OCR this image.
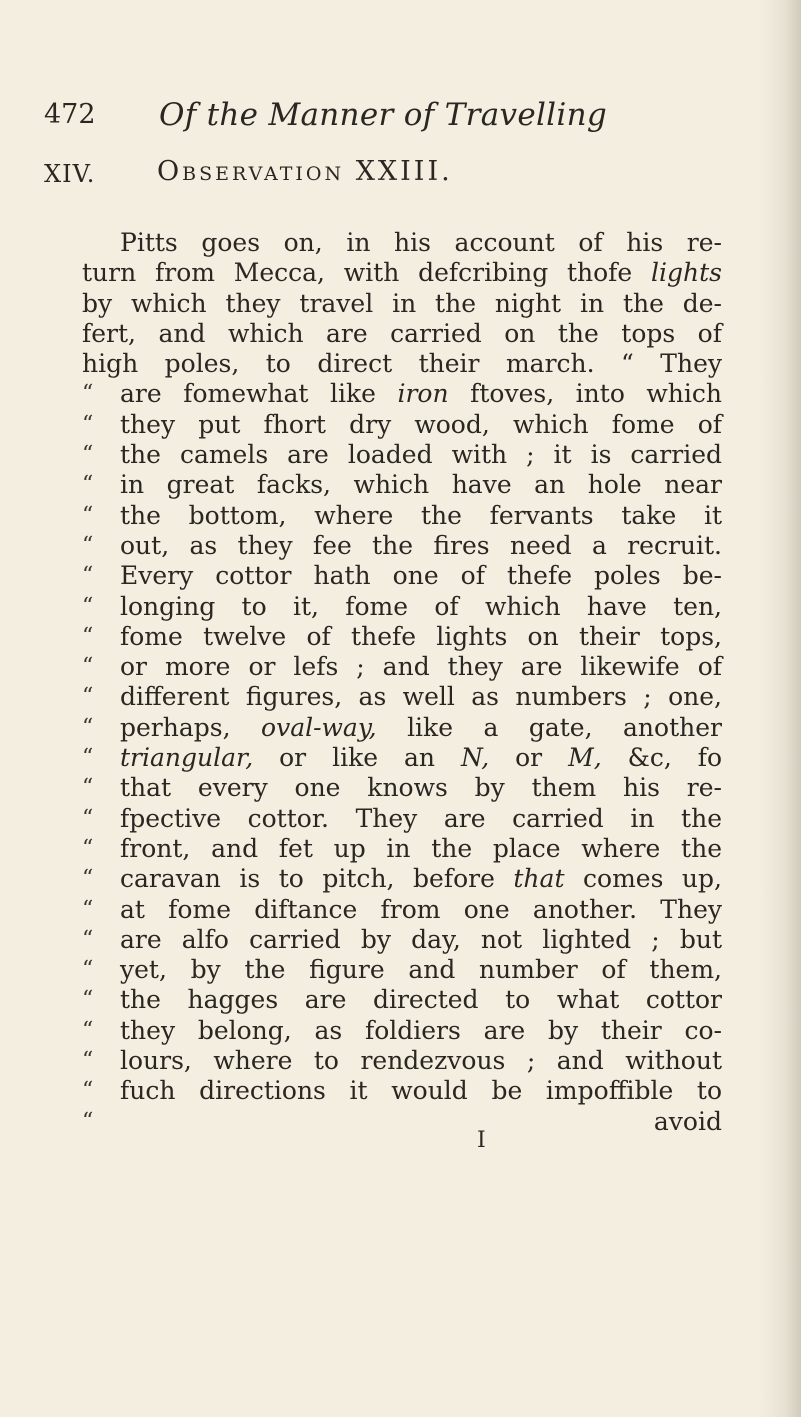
472 Of the Manner of Travelling
XIV. Observation XXIII.
Pitts goes on, in his account of his re-
turn from Mecca, with defcribing thofe lights
by which they travel in the night in the de-
fert, and which are carried on the tops of
high poles, to direct their march. “ They
“ are fomewhat like iron ftoves, into which
“ they put fhort dry wood, which fome of
“ the camels are loaded with ; it is carried
“ in great facks, which have an hole near
“ the bottom, where the fervants take it
“ out, as they fee the fires need a recruit.
“ Every cottor hath one of thefe poles be-
“ longing to it, fome of which have ten,
“ fome twelve of thefe lights on their tops,
“ or more or lefs ; and they are likewife of
“ different figures, as well as numbers ; one,
“ perhaps, oval-way, like a gate, another
“ triangular, or like an N, or M, &c, fo
“ that every one knows by them his re-
“ fpective cottor. They are carried in the
“ front, and fet up in the place where the
“ caravan is to pitch, before that comes up,
“ at fome diftance from one another. They
“ are alfo carried by day, not lighted ; but
“ yet, by the figure and number of them,
“ the hagges are directed to what cottor
“ they belong, as foldiers are by their co-
“ lours, where to rendezvous ; and without
“ fuch directions it would be impoffible to
“	avoid
I
